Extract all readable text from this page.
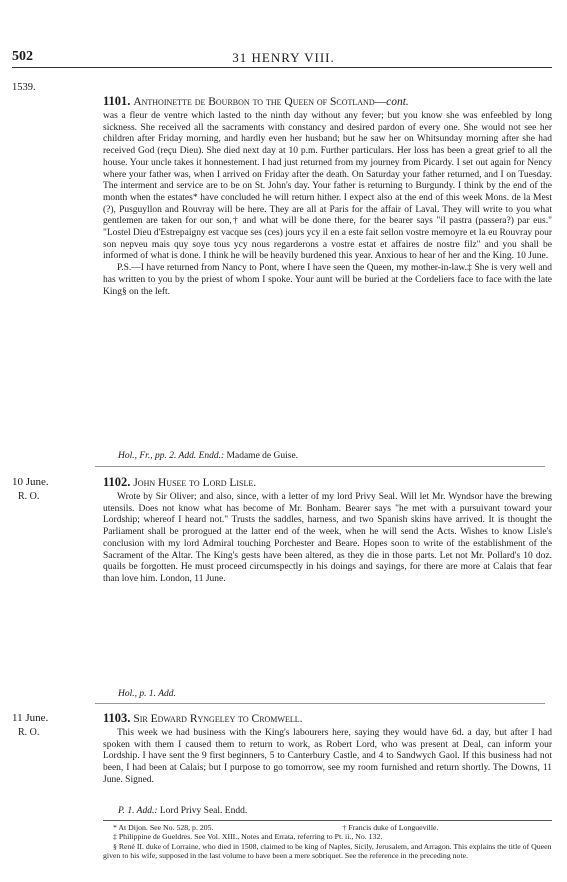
502	31 HENRY VIII.
1539.
1101. Anthoinette de Bourbon to the Queen of Scotland—cont.

was a fleur de ventre which lasted to the ninth day without any fever; but you know she was enfeebled by long sickness. She received all the sacraments with constancy and desired pardon of every one. She would not see her children after Friday morning, and hardly even her husband; but he saw her on Whitsunday morning after she had received God (reçu Dieu). She died next day at 10 p.m. Further particulars. Her loss has been a great grief to all the house. Your uncle takes it honnestement. I had just returned from my journey from Picardy. I set out again for Nency where your father was, when I arrived on Friday after the death. On Saturday your father returned, and I on Tuesday. The interment and service are to be on St. John's day. Your father is returning to Burgundy. I think by the end of the month when the estates* have concluded he will return hither. I expect also at the end of this week Mons. de la Mest (?), Pusguyllon and Rouvray will be here. They are all at Paris for the affair of Laval. They will write to you what gentlemen are taken for our son,† and what will be done there, for the bearer says "il pastra (passera?) par eus." "Lostel Dieu d'Estrepaigny est vacque ses (ces) jours ycy il en a este fait sellon vostre memoyre et la eu Rouvray pour son nepveu mais quy soye tous ycy nous regarderons a vostre estat et affaires de nostre filz" and you shall be informed of what is done. I think he will be heavily burdened this year. Anxious to hear of her and the King. 10 June.

P.S.—I have returned from Nancy to Pont, where I have seen the Queen, my mother-in-law.‡ She is very well and has written to you by the priest of whom I spoke. Your aunt will be buried at the Cordeliers face to face with the late King§ on the left.

Hol., Fr., pp. 2. Add. Endd.: Madame de Guise.
10 June.
R. O.
1102. John Husee to Lord Lisle.

Wrote by Sir Oliver; and also, since, with a letter of my lord Privy Seal. Will let Mr. Wyndsor have the brewing utensils. Does not know what has become of Mr. Bonham. Bearer says "he met with a pursuivant toward your Lordship; whereof I heard not." Trusts the saddles, harness, and two Spanish skins have arrived. It is thought the Parliament shall be prorogued at the latter end of the week, when he will send the Acts. Wishes to know Lisle's conclusion with my lord Admiral touching Porchester and Beare. Hopes soon to write of the establishment of the Sacrament of the Altar. The King's gests have been altered, as they die in those parts. Let not Mr. Pollard's 10 doz. quails be forgotten. He must proceed circumspectly in his doings and sayings, for there are more at Calais that fear than love him. London, 11 June.

Hol., p. 1. Add.
11 June.
R. O.
1103. Sir Edward Ryngeley to Cromwell.

This week we had business with the King's labourers here, saying they would have 6d. a day, but after I had spoken with them I caused them to return to work, as Robert Lord, who was present at Deal, can inform your Lordship. I have sent the 9 first beginners, 5 to Canterbury Castle, and 4 to Sandwych Gaol. If this business had not been, I had been at Calais; but I purpose to go tomorrow, see my room furnished and return shortly. The Downs, 11 June. Signed.

P. 1. Add.: Lord Privy Seal. Endd.
* At Dijon. See No. 528, p. 205.	† Francis duke of Longueville.

‡ Philippine de Gueldres. See Vol. XIII., Notes and Errata, referring to Pt. ii., No. 132.

§ René II. duke of Lorraine, who died in 1508, claimed to be king of Naples, Sicily, Jerusalem, and Arragon. This explains the title of Queen given to his wife, supposed in the last volume to have been a mere sobriquet. See the reference in the preceding note.
